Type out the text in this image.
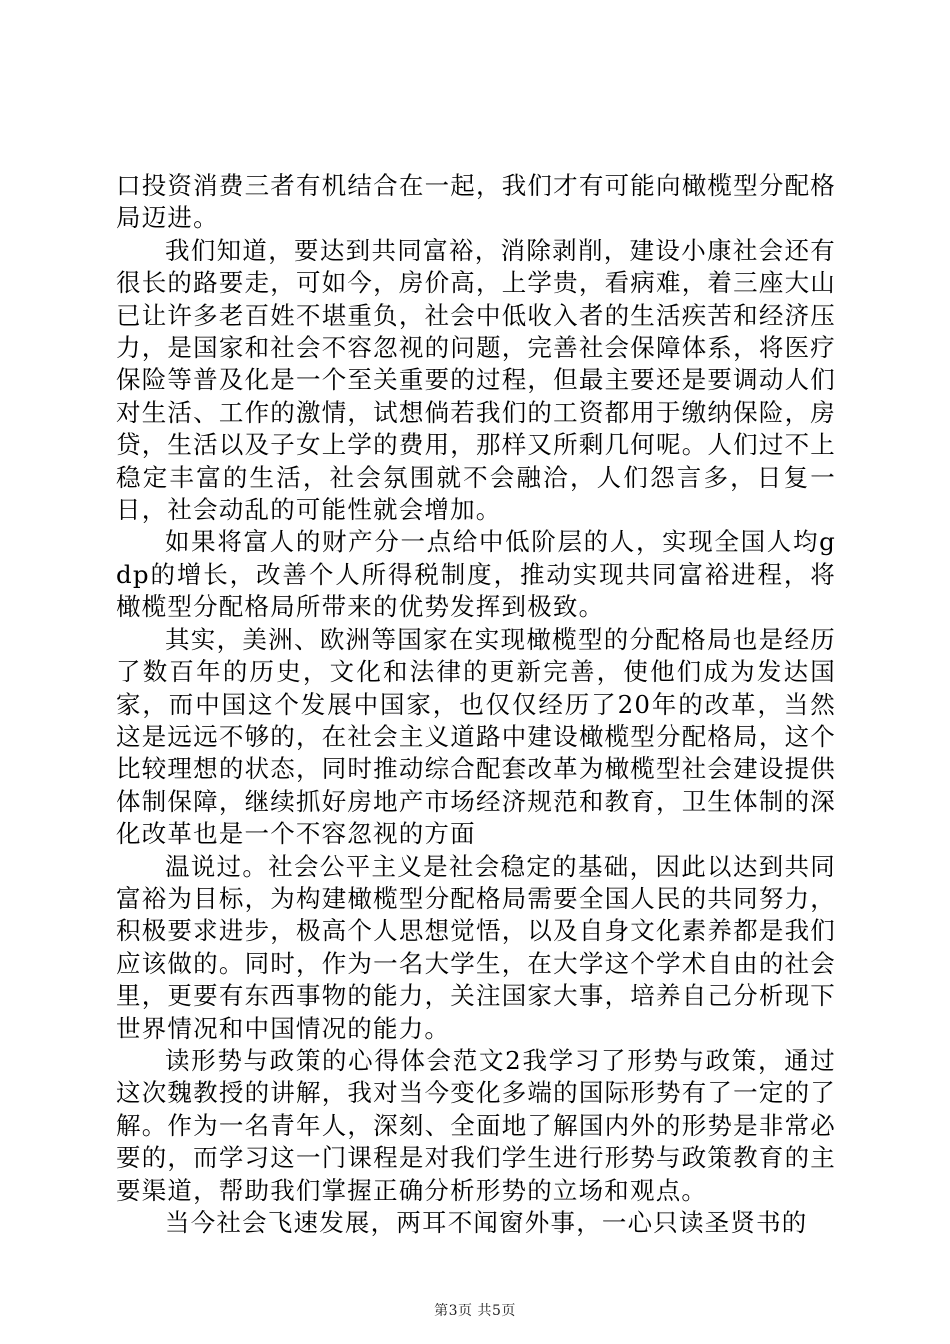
口投资消费三者有机结合在一起，我们才有可能向橄榄型分配格局迈进。

我们知道，要达到共同富裕，消除剥削，建设小康社会还有很长的路要走，可如今，房价高，上学贵，看病难，着三座大山已让许多老百姓不堪重负，社会中低收入者的生活疾苦和经济压力，是国家和社会不容忽视的问题，完善社会保障体系，将医疗保险等普及化是一个至关重要的过程，但最主要还是要调动人们对生活、工作的激情，试想倘若我们的工资都用于缴纳保险，房贷，生活以及子女上学的费用，那样又所剩几何呢。人们过不上稳定丰富的生活，社会氛围就不会融洽，人们怨言多，日复一日，社会动乱的可能性就会增加。

如果将富人的财产分一点给中低阶层的人，实现全国人均gdp的增长，改善个人所得税制度，推动实现共同富裕进程，将橄榄型分配格局所带来的优势发挥到极致。

其实，美洲、欧洲等国家在实现橄榄型的分配格局也是经历了数百年的历史，文化和法律的更新完善，使他们成为发达国家，而中国这个发展中国家，也仅仅经历了20年的改革，当然这是远远不够的，在社会主义道路中建设橄榄型分配格局，这个比较理想的状态，同时推动综合配套改革为橄榄型社会建设提供体制保障，继续抓好房地产市场经济规范和教育，卫生体制的深化改革也是一个不容忽视的方面

温说过。社会公平主义是社会稳定的基础，因此以达到共同富裕为目标，为构建橄榄型分配格局需要全国人民的共同努力，积极要求进步，极高个人思想觉悟，以及自身文化素养都是我们应该做的。同时，作为一名大学生，在大学这个学术自由的社会里，更要有东西事物的能力，关注国家大事，培养自己分析现下世界情况和中国情况的能力。

读形势与政策的心得体会范文2我学习了形势与政策，通过这次魏教授的讲解，我对当今变化多端的国际形势有了一定的了解。作为一名青年人，深刻、全面地了解国内外的形势是非常必要的，而学习这一门课程是对我们学生进行形势与政策教育的主要渠道，帮助我们掌握正确分析形势的立场和观点。

当今社会飞速发展，两耳不闻窗外事，一心只读圣贤书的

第3页 共5页
